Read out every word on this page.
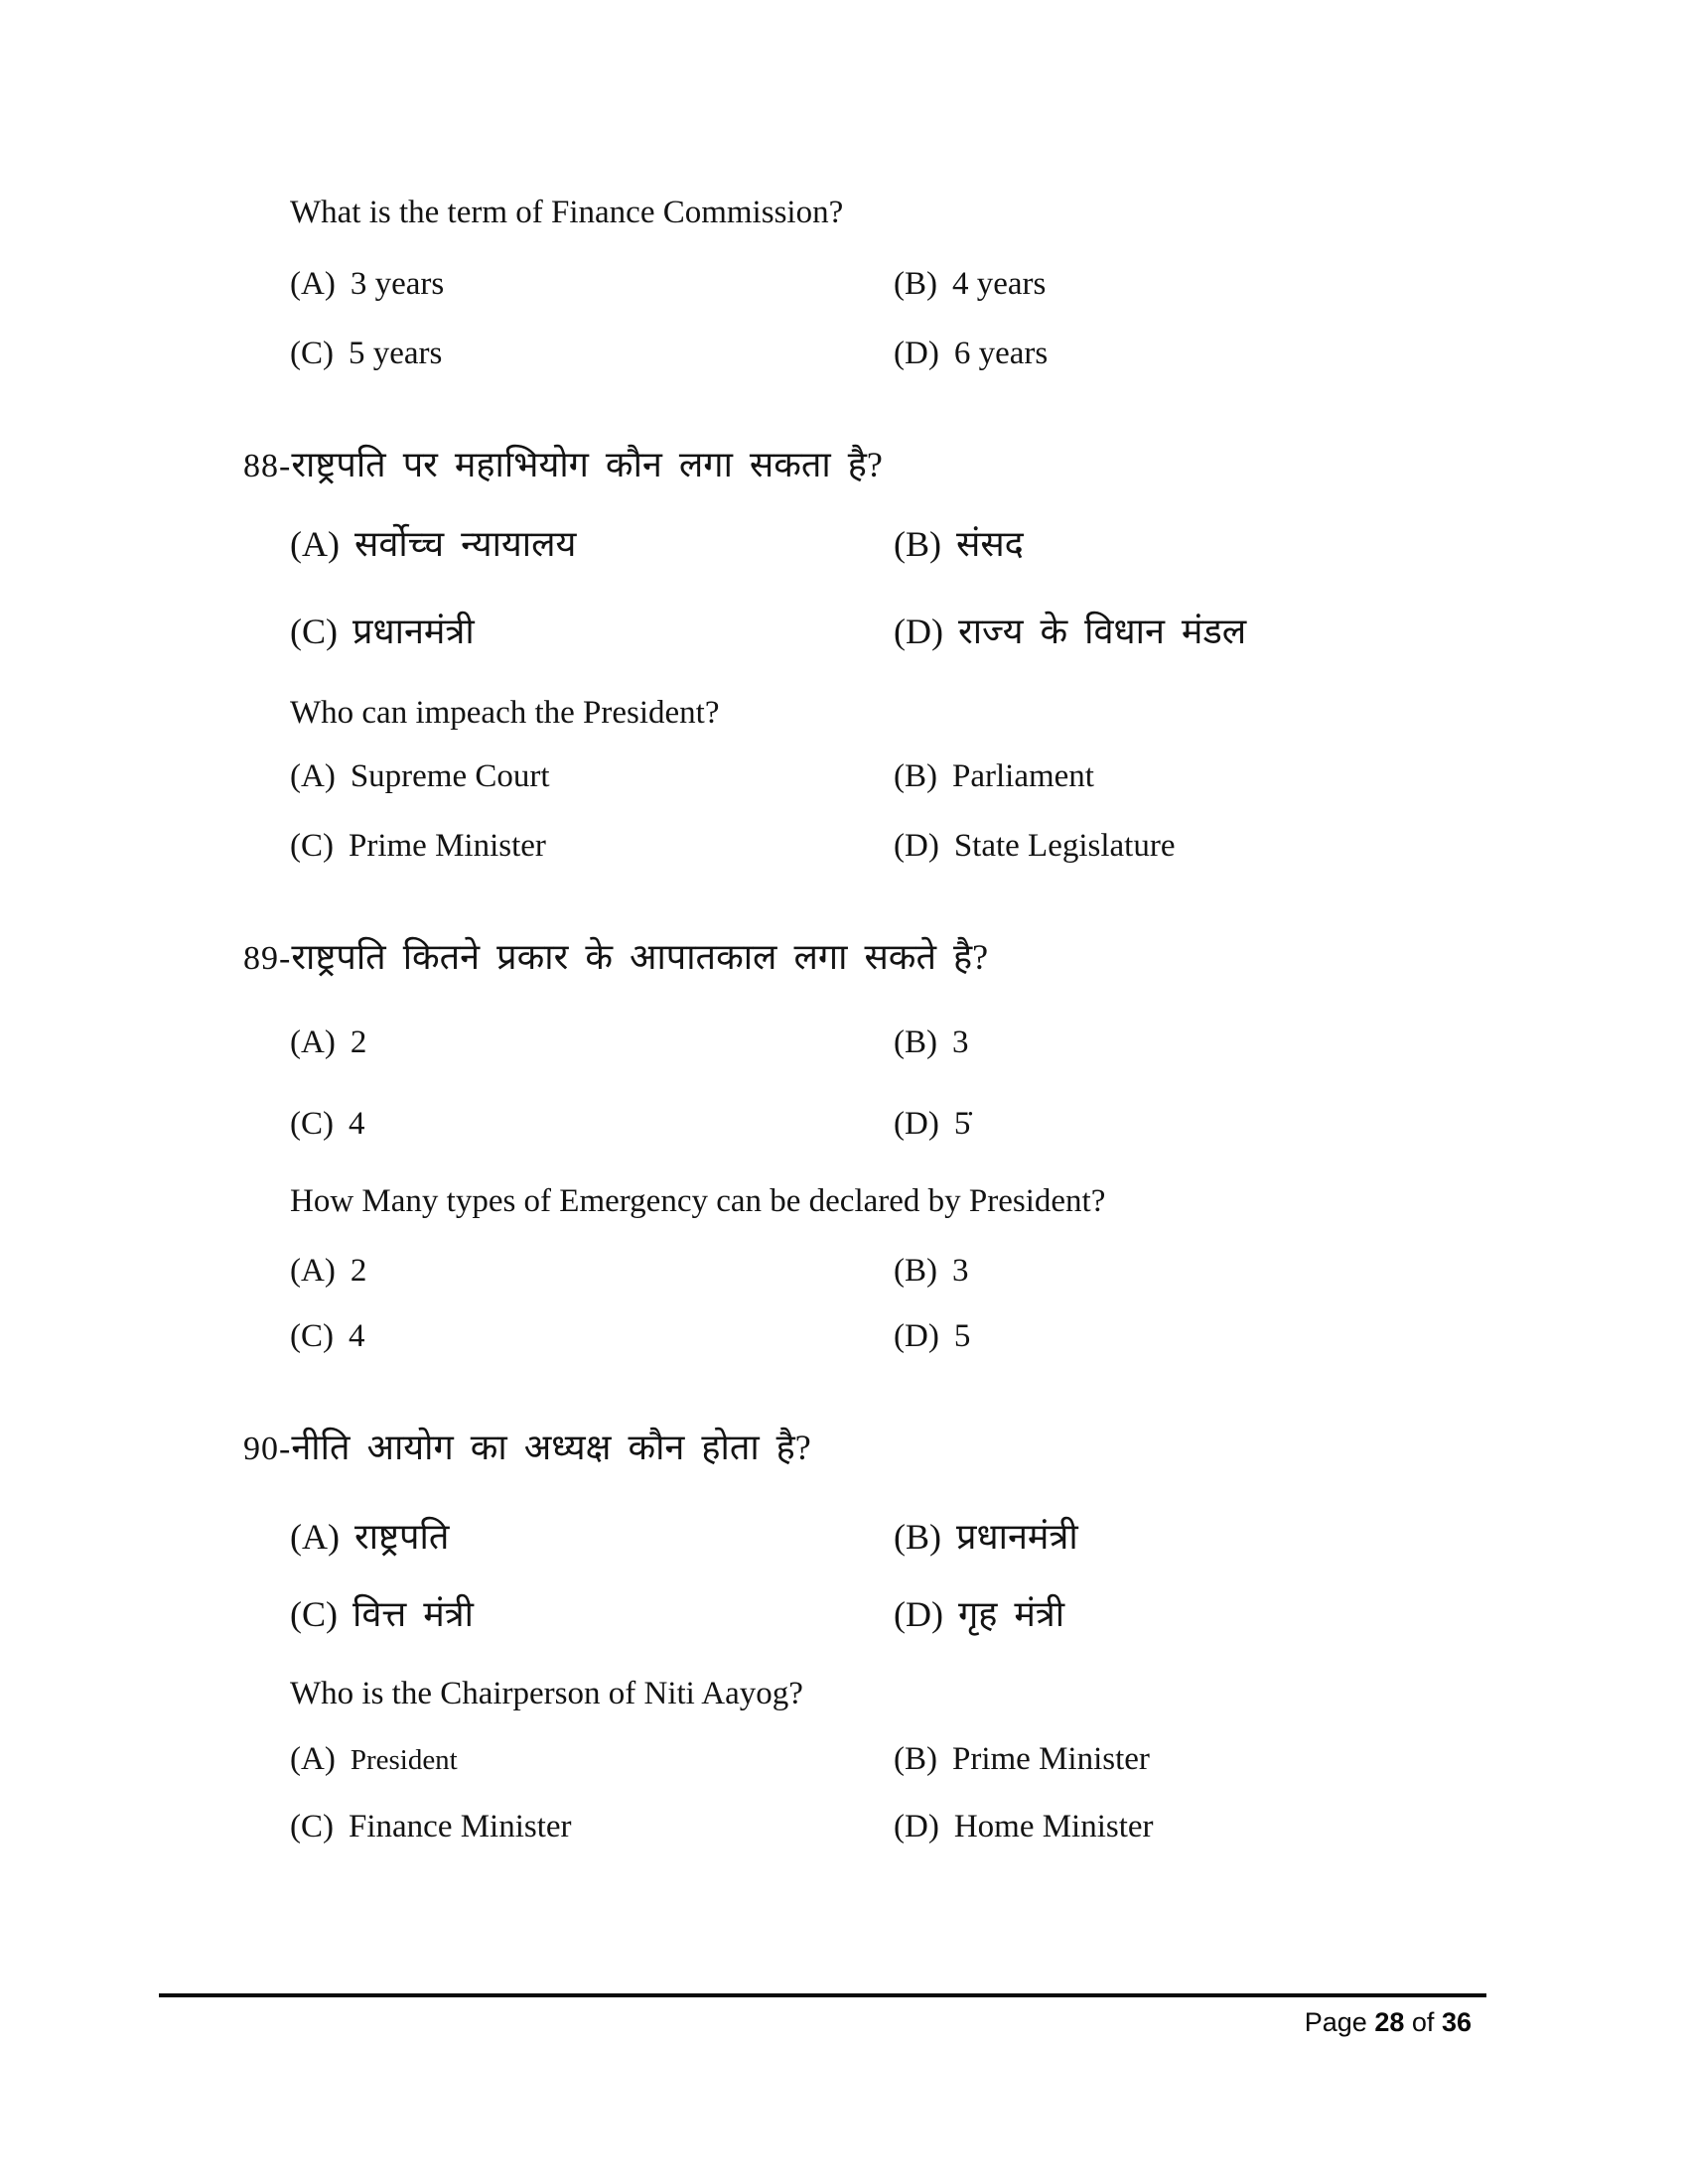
What is the term of Finance Commission?
(A) 3 years	(B) 4 years
(C) 5 years	(D) 6 years
88-राष्ट्रपति पर महाभियोग कौन लगा सकता है?
(A) सर्वोच्च न्यायालय	(B) संसद
(C) प्रधानमंत्री	(D) राज्य के विधान मंडल
Who can impeach the President?
(A) Supreme Court	(B) Parliament
(C) Prime Minister	(D) State Legislature
89-राष्ट्रपति कितने प्रकार के आपातकाल लगा सकते है?
(A) 2	(B) 3
(C) 4	(D) 5̇
How Many types of Emergency can be declared by President?
(A) 2	(B) 3
(C) 4	(D) 5
90-नीति आयोग का अध्यक्ष कौन होता है?
(A) राष्ट्रपति	(B) प्रधानमंत्री
(C) वित्त मंत्री	(D) गृह मंत्री
Who is the Chairperson of Niti Aayog?
(A) President	(B) Prime Minister
(C) Finance Minister	(D) Home Minister
Page 28 of 36
